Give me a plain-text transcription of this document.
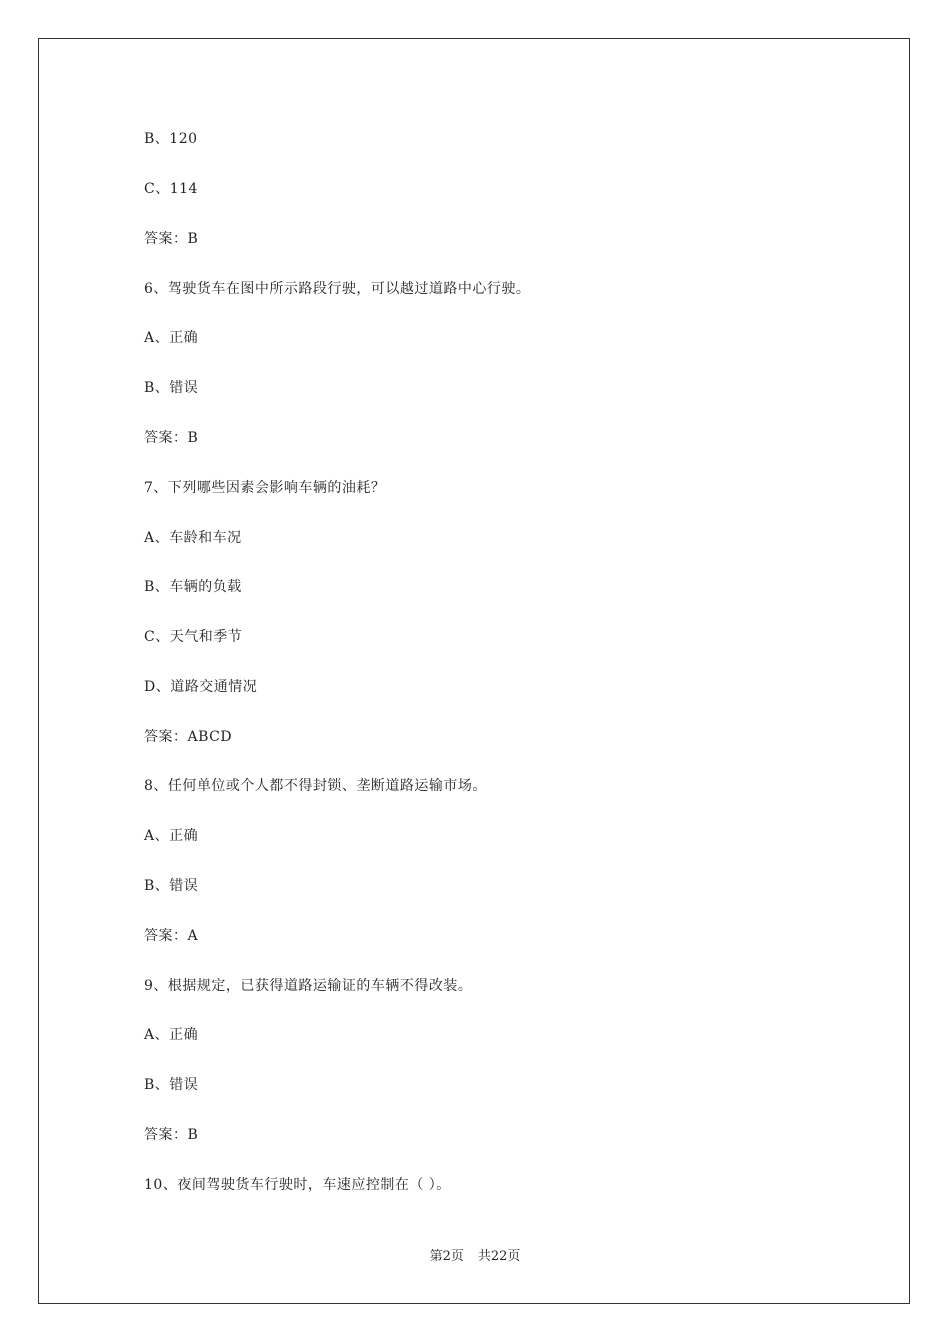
B、120
C、114
答案：B
6、驾驶货车在图中所示路段行驶，可以越过道路中心行驶。
A、正确
B、错误
答案：B
7、下列哪些因素会影响车辆的油耗？
A、车龄和车况
B、车辆的负载
C、天气和季节
D、道路交通情况
答案：ABCD
8、任何单位或个人都不得封锁、垄断道路运输市场。
A、正确
B、错误
答案：A
9、根据规定，已获得道路运输证的车辆不得改装。
A、正确
B、错误
答案：B
10、夜间驾驶货车行驶时，车速应控制在（ ）。
第2页 共22页
